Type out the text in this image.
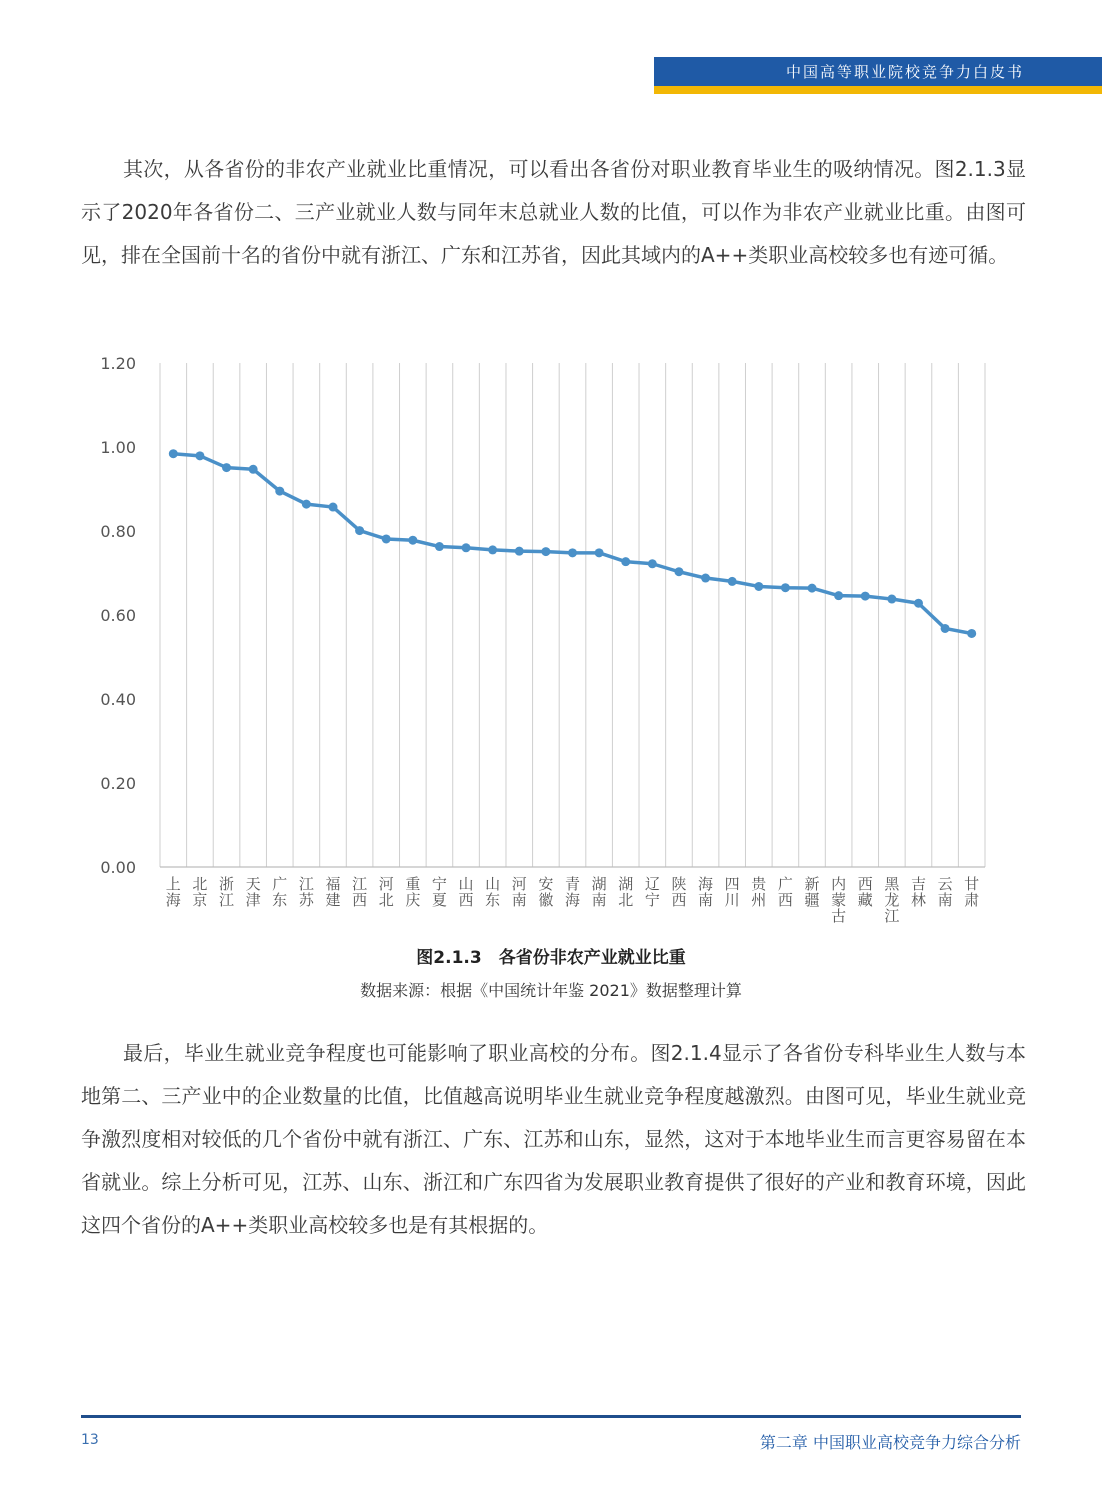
中国高等职业院校竞争力白皮书

其次，从各省份的非农产业就业比重情况，可以看出各省份对职业教育毕业生的吸纳情况。图2.1.3显示了2020年各省份二、三产业就业人数与同年末总就业人数的比值，可以作为非农产业就业比重。由图可见，排在全国前十名的省份中就有浙江、广东和江苏省，因此其域内的A++类职业高校较多也有迹可循。

0.00
0.20
0.40
0.60
0.80
1.00
1.20
上海
北京
浙江
天津
广东
江苏
福建
江西
河北
重庆
宁夏
山西
山东
河南
安徽
青海
湖南
湖北
辽宁
陕西
海南
四川
贵州
广西
新疆
内蒙古
西藏
黑龙江
吉林
云南
甘肃
图2.1.3　各省份非农产业就业比重
数据来源：根据《中国统计年鉴 2021》数据整理计算

最后，毕业生就业竞争程度也可能影响了职业高校的分布。图2.1.4显示了各省份专科毕业生人数与本地第二、三产业中的企业数量的比值，比值越高说明毕业生就业竞争程度越激烈。由图可见，毕业生就业竞争激烈度相对较低的几个省份中就有浙江、广东、江苏和山东，显然，这对于本地毕业生而言更容易留在本省就业。综上分析可见，江苏、山东、浙江和广东四省为发展职业教育提供了很好的产业和教育环境，因此这四个省份的A++类职业高校较多也是有其根据的。

13	第二章 中国职业高校竞争力综合分析
